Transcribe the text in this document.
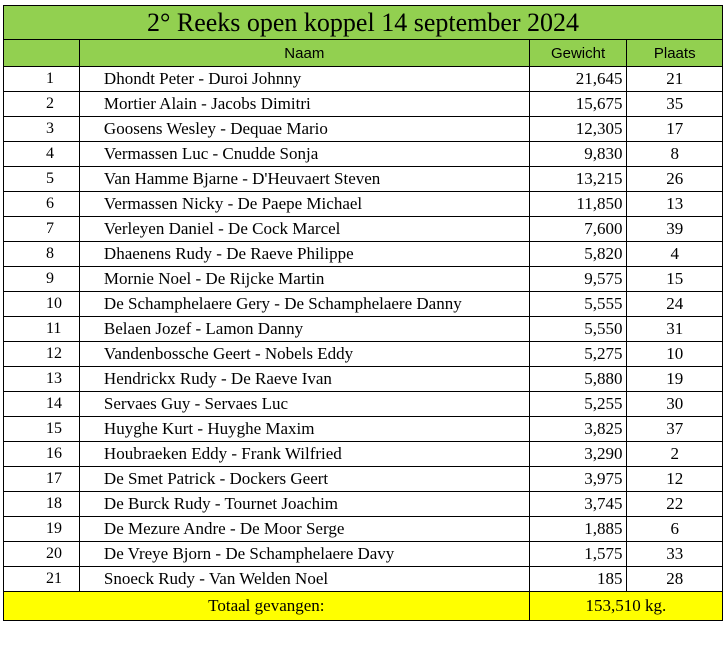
2° Reeks open koppel 14 september 2024			
	Naam	Gewicht	Plaats
1	Dhondt Peter - Duroi Johnny	21,645	21
2	Mortier Alain - Jacobs Dimitri	15,675	35
3	Goosens Wesley - Dequae Mario	12,305	17
4	Vermassen Luc - Cnudde Sonja	9,830	8
5	Van Hamme Bjarne - D'Heuvaert Steven	13,215	26
6	Vermassen Nicky - De Paepe Michael	11,850	13
7	Verleyen Daniel - De Cock Marcel	7,600	39
8	Dhaenens Rudy - De Raeve Philippe	5,820	4
9	Mornie Noel - De Rijcke Martin	9,575	15
10	De Schamphelaere Gery - De Schamphelaere Danny	5,555	24
11	Belaen Jozef - Lamon Danny	5,550	31
12	Vandenbossche Geert - Nobels Eddy	5,275	10
13	Hendrickx Rudy - De Raeve Ivan	5,880	19
14	Servaes Guy - Servaes Luc	5,255	30
15	Huyghe Kurt - Huyghe Maxim	3,825	37
16	Houbraeken Eddy - Frank Wilfried	3,290	2
17	De Smet Patrick - Dockers Geert	3,975	12
18	De Burck Rudy - Tournet Joachim	3,745	22
19	De Mezure Andre - De Moor Serge	1,885	6
20	De Vreye Bjorn - De Schamphelaere Davy	1,575	33
21	Snoeck Rudy - Van Welden Noel	185	28
Totaal gevangen:		153,510 kg.	
